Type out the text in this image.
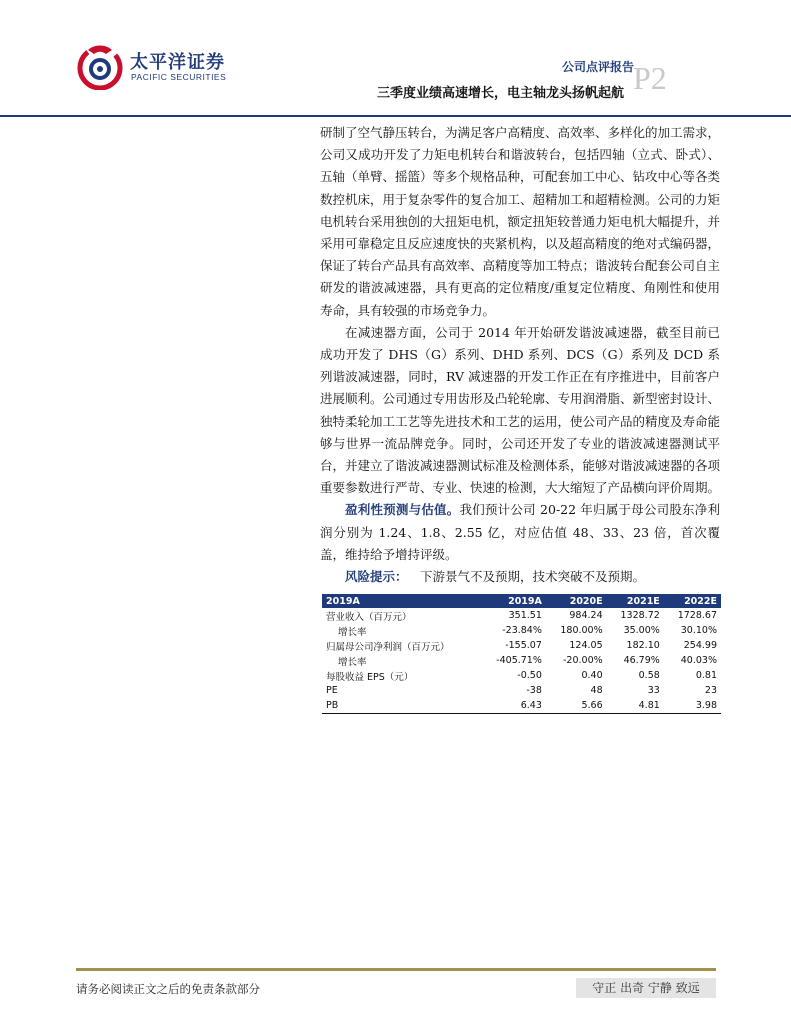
太平洋证券
PACIFIC SECURITIES
公司点评报告
三季度业绩高速增长，电主轴龙头扬帆起航 P2

研制了空气静压转台，为满足客户高精度、高效率、多样化的加工需求，公司又成功开发了力矩电机转台和谐波转台，包括四轴（立式、卧式）、五轴（单臂、摇篮）等多个规格品种，可配套加工中心、钻攻中心等各类数控机床，用于复杂零件的复合加工、超精加工和超精检测。公司的力矩电机转台采用独创的大扭矩电机，额定扭矩较普通力矩电机大幅提升，并采用可靠稳定且反应速度快的夹紧机构，以及超高精度的绝对式编码器，保证了转台产品具有高效率、高精度等加工特点；谐波转台配套公司自主研发的谐波减速器，具有更高的定位精度/重复定位精度、角刚性和使用寿命，具有较强的市场竞争力。

在减速器方面，公司于 2014 年开始研发谐波减速器，截至目前已成功开发了 DHS（G）系列、DHD 系列、DCS（G）系列及 DCD 系列谐波减速器，同时，RV 减速器的开发工作正在有序推进中，目前客户进展顺利。公司通过专用齿形及凸轮轮廓、专用润滑脂、新型密封设计、独特柔轮加工工艺等先进技术和工艺的运用，使公司产品的精度及寿命能够与世界一流品牌竞争。同时，公司还开发了专业的谐波减速器测试平台，并建立了谐波减速器测试标准及检测体系，能够对谐波减速器的各项重要参数进行严苛、专业、快速的检测，大大缩短了产品横向评价周期。

盈利性预测与估值。我们预计公司 20-22 年归属于母公司股东净利润分别为 1.24、1.8、2.55 亿，对应估值 48、33、23 倍，首次覆盖，维持给予增持评级。

风险提示：  下游景气不及预期，技术突破不及预期。

2019A	2019A	2020E	2021E	2022E
营业收入（百万元）	351.51	984.24	1328.72	1728.67
增长率	-23.84%	180.00%	35.00%	30.10%
归属母公司净利润（百万元）	-155.07	124.05	182.10	254.99
增长率	-405.71%	-20.00%	46.79%	40.03%
每股收益 EPS（元）	-0.50	0.40	0.58	0.81
PE	-38	48	33	23
PB	6.43	5.66	4.81	3.98
请务必阅读正文之后的免责条款部分	守正 出奇 宁静 致远
